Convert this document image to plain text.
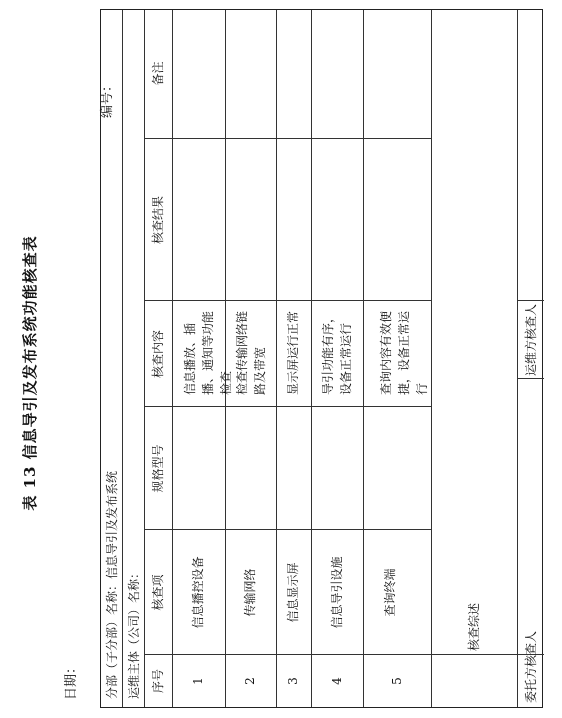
表 13 信息导引及发布系统功能核查表
日期：
编号：
分部（子分部）名称：信息导引及发布系统 运维主体（公司）名称： 序号
核查项
规格型号
核查内容
核查结果
备注
1
信息播控设备
信息播放、插播、通知等功能检查
2
传输网络
检查传输网络链路及带宽
3
信息显示屏
显示屏运行正常
4
信息导引设施
导引功能有序，设备正常运行
5
查询终端
查询内容有效便捷，设备正常运行
核查综述
委托方核查人
运维方核查人
